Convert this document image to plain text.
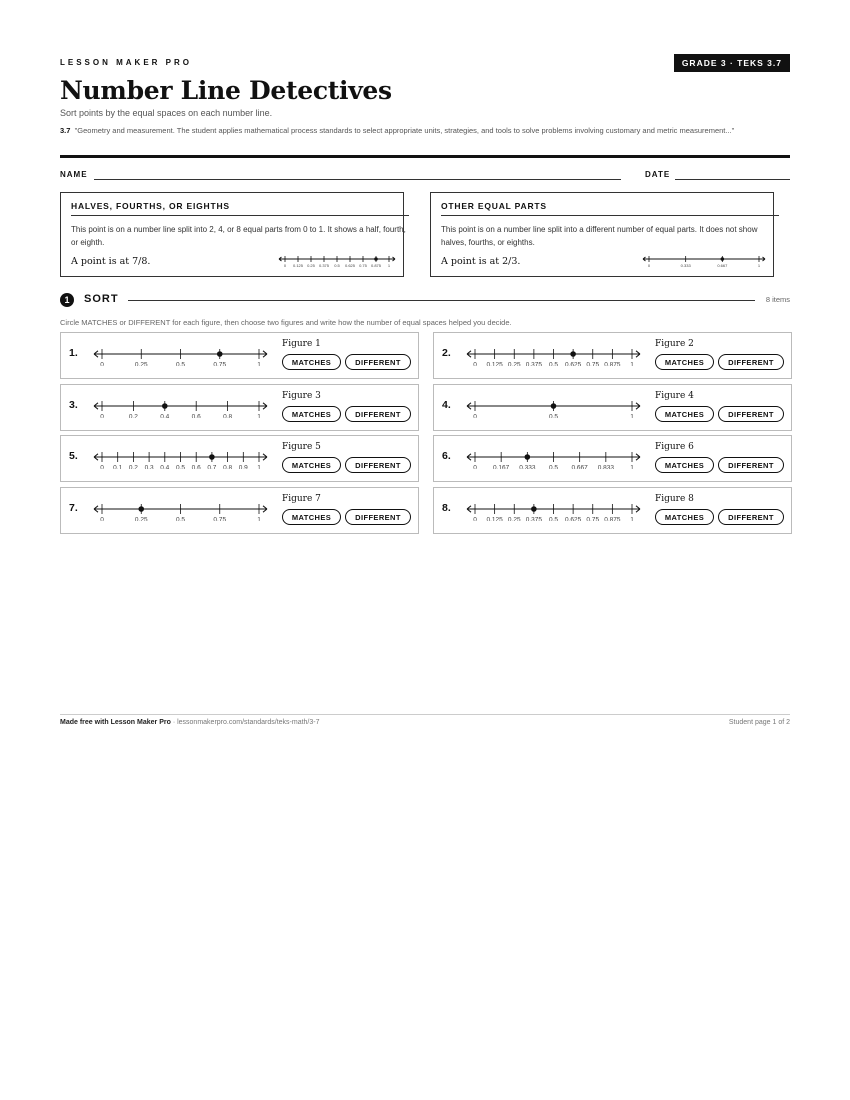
LESSON MAKER PRO	GRADE 3 · TEKS 3.7
Number Line Detectives
Sort points by the equal spaces on each number line.
3.7 "Geometry and measurement. The student applies mathematical process standards to select appropriate units, strategies, and tools to solve problems involving customary and metric measurement..."
NAME	DATE
HALVES, FOURTHS, OR EIGHTHS
This point is on a number line split into 2, 4, or 8 equal parts from 0 to 1. It shows a half, fourth, or eighth.
A point is at 7/8.	0 0.125 0.25 0.375 0.5 0.625 0.75 0.875 1
OTHER EQUAL PARTS
This point is on a number line split into a different number of equal parts. It does not show halves, fourths, or eighths.
A point is at 2/3.	0	0.333	0.667	1
1	SORT	8 items
Circle MATCHES or DIFFERENT for each figure, then choose two figures and write how the number of equal spaces helped you decide.
1.
0	0.25	0.5	0.75	1
Figure 1
MATCHES	DIFFERENT
2.
0 0.125 0.25 0.375 0.5 0.625 0.75 0.875 1
Figure 2
MATCHES	DIFFERENT
3.
0	0.2	0.4	0.6	0.8	1
Figure 3
MATCHES	DIFFERENT
4.
0	0.5	1
Figure 4
MATCHES	DIFFERENT
5.
0 0.1 0.2 0.3 0.4 0.5 0.6 0.7 0.8 0.9 1
Figure 5
MATCHES	DIFFERENT
6.
0 0.167 0.333 0.5 0.667 0.833 1
Figure 6
MATCHES	DIFFERENT
7.
0	0.25	0.5	0.75	1
Figure 7
MATCHES	DIFFERENT
8.
0 0.125 0.25 0.375 0.5 0.625 0.75 0.875 1
Figure 8
MATCHES	DIFFERENT
Made free with Lesson Maker Pro · lessonmakerpro.com/standards/teks-math/3-7	Student page 1 of 2
